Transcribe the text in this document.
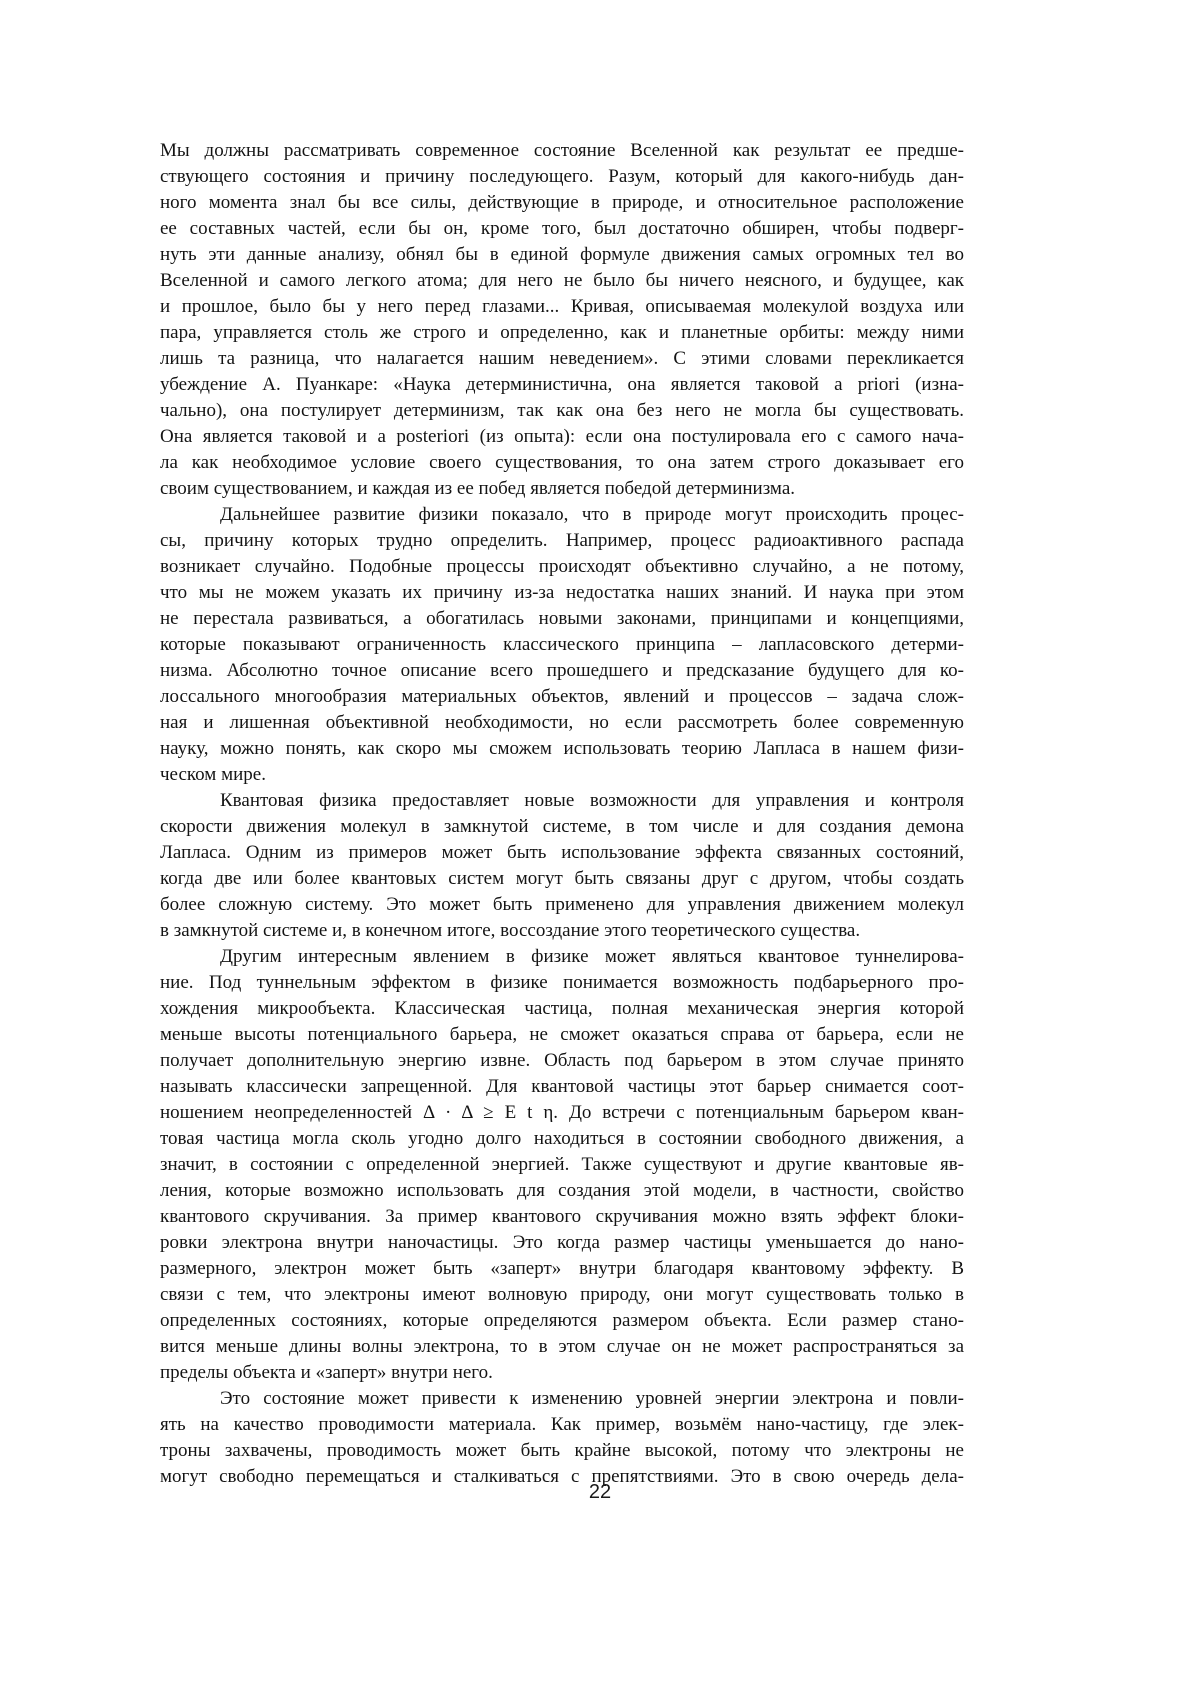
Мы должны рассматривать современное состояние Вселенной как результат ее предше-
ствующего состояния и причину последующего. Разум, который для какого-нибудь дан-
ного момента знал бы все силы, действующие в природе, и относительное расположение
ее составных частей, если бы он, кроме того, был достаточно обширен, чтобы подверг-
нуть эти данные анализу, обнял бы в единой формуле движения самых огромных тел во
Вселенной и самого легкого атома; для него не было бы ничего неясного, и будущее, как
и прошлое, было бы у него перед глазами... Кривая, описываемая молекулой воздуха или
пара, управляется столь же строго и определенно, как и планетные орбиты: между ними
лишь та разница, что налагается нашим неведением». С этими словами перекликается
убеждение А. Пуанкаре: «Наука детерминистична, она является таковой a priori (изна-
чально), она постулирует детерминизм, так как она без него не могла бы существовать.
Она является таковой и a posteriori (из опыта): если она постулировала его с самого нача-
ла как необходимое условие своего существования, то она затем строго доказывает его
своим существованием, и каждая из ее побед является победой детерминизма.
Дальнейшее развитие физики показало, что в природе могут происходить процес-
сы, причину которых трудно определить. Например, процесс радиоактивного распада
возникает случайно. Подобные процессы происходят объективно случайно, а не потому,
что мы не можем указать их причину из-за недостатка наших знаний. И наука при этом
не перестала развиваться, а обогатилась новыми законами, принципами и концепциями,
которые показывают ограниченность классического принципа – лапласовского детерми-
низма. Абсолютно точное описание всего прошедшего и предсказание будущего для ко-
лоссального многообразия материальных объектов, явлений и процессов – задача слож-
ная и лишенная объективной необходимости, но если рассмотреть более современную
науку, можно понять, как скоро мы сможем использовать теорию Лапласа в нашем физи-
ческом мире.
Квантовая физика предоставляет новые возможности для управления и контроля
скорости движения молекул в замкнутой системе, в том числе и для создания демона
Лапласа. Одним из примеров может быть использование эффекта связанных состояний,
когда две или более квантовых систем могут быть связаны друг с другом, чтобы создать
более сложную систему. Это может быть применено для управления движением молекул
в замкнутой системе и, в конечном итоге, воссоздание этого теоретического существа.
Другим интересным явлением в физике может являться квантовое туннелирова-
ние. Под туннельным эффектом в физике понимается возможность подбарьерного про-
хождения микрообъекта. Классическая частица, полная механическая энергия которой
меньше высоты потенциального барьера, не сможет оказаться справа от барьера, если не
получает дополнительную энергию извне. Область под барьером в этом случае принято
называть классически запрещенной. Для квантовой частицы этот барьер снимается соот-
ношением неопределенностей Δ · Δ ≥ E t η. До встречи с потенциальным барьером кван-
товая частица могла сколь угодно долго находиться в состоянии свободного движения, а
значит, в состоянии с определенной энергией. Также существуют и другие квантовые яв-
ления, которые возможно использовать для создания этой модели, в частности, свойство
квантового скручивания. За пример квантового скручивания можно взять эффект блоки-
ровки электрона внутри наночастицы. Это когда размер частицы уменьшается до нано-
размерного, электрон может быть «заперт» внутри благодаря квантовому эффекту. В
связи с тем, что электроны имеют волновую природу, они могут существовать только в
определенных состояниях, которые определяются размером объекта. Если размер стано-
вится меньше длины волны электрона, то в этом случае он не может распространяться за
пределы объекта и «заперт» внутри него.
Это состояние может привести к изменению уровней энергии электрона и повли-
ять на качество проводимости материала. Как пример, возьмём нано-частицу, где элек-
троны захвачены, проводимость может быть крайне высокой, потому что электроны не
могут свободно перемещаться и сталкиваться с препятствиями. Это в свою очередь дела-
22
